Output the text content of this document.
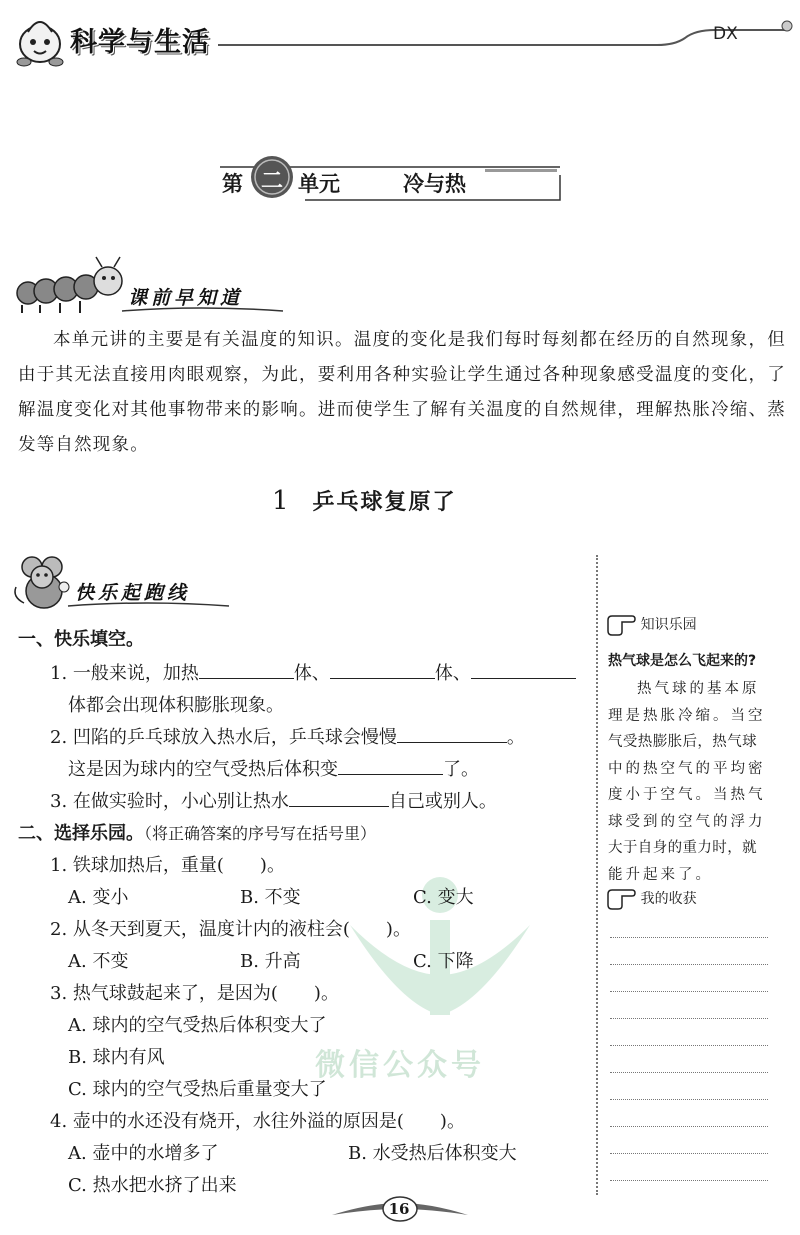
科学与生活	DX
第 二 单元	冷与热
课前早知道
本单元讲的主要是有关温度的知识。温度的变化是我们每时每刻都在经历的自然现象，但由于其无法直接用肉眼观察，为此，要利用各种实验让学生通过各种现象感受温度的变化，了解温度变化对其他事物带来的影响。进而使学生了解有关温度的自然规律，理解热胀冷缩、蒸发等自然现象。
1 乒乓球复原了
快乐起跑线
微信公众号
一、快乐填空。
1. 一般来说，加热	体、	体、
体都会出现体积膨胀现象。
2. 凹陷的乒乓球放入热水后，乒乓球会慢慢	。
这是因为球内的空气受热后体积变	了。
3. 在做实验时，小心别让热水	自己或别人。
二、选择乐园。（将正确答案的序号写在括号里）
1. 铁球加热后，重量(　　)。
A. 变小	B. 不变	C. 变大
2. 从冬天到夏天，温度计内的液柱会(　　)。
A. 不变	B. 升高	C. 下降
3. 热气球鼓起来了，是因为(　　)。
A. 球内的空气受热后体积变大了
B. 球内有风
C. 球内的空气受热后重量变大了
4. 壶中的水还没有烧开，水往外溢的原因是(　　)。
A. 壶中的水增多了	B. 水受热后体积变大
C. 热水把水挤了出来
知识乐园
热气球是怎么飞起来的?
热气球的基本原
理是热胀冷缩。当空
气受热膨胀后，热气球
中的热空气的平均密
度小于空气。当热气
球受到的空气的浮力
大于自身的重力时，就
能升起来了。
我的收获
16
